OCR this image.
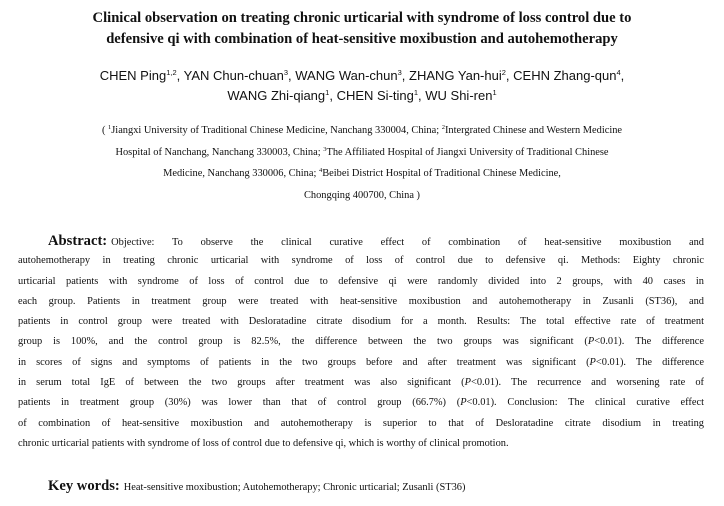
Clinical observation on treating chronic urticarial with syndrome of loss control due to
defensive qi with combination of heat-sensitive moxibustion and autohemotherapy
CHEN Ping$^{1,2}$, YAN Chun-chuan$^3$, WANG Wan-chun$^3$, ZHANG Yan-hui$^2$, CEHN Zhang-qun$^4$,
WANG Zhi-qiang$^1$, CHEN Si-ting$^1$, WU Shi-ren$^1$
( $^1$Jiangxi University of Traditional Chinese Medicine, Nanchang 330004, China; $^2$Intergrated Chinese and Western Medicine
Hospital of Nanchang, Nanchang 330003, China; $^3$The Affiliated Hospital of Jiangxi University of Traditional Chinese
Medicine, Nanchang 330006, China; $^4$Beibei District Hospital of Traditional Chinese Medicine,
Chongqing 400700, China )
Abstract: Objective: To observe the clinical curative effect of combination of heat-sensitive moxibustion and
autohemotherapy in treating chronic urticarial with syndrome of loss of control due to defensive qi. Methods: Eighty chronic
urticarial patients with syndrome of loss of control due to defensive qi were randomly divided into 2 groups, with 40 cases in
each group. Patients in treatment group were treated with heat-sensitive moxibustion and autohemotherapy in Zusanli (ST36), and
patients in control group were treated with Desloratadine citrate disodium for a month. Results: The total effective rate of treatment
group is 100%, and the control group is 82.5%, the difference between the two groups was significant (P<0.01). The difference
in scores of signs and symptoms of patients in the two groups before and after treatment was significant (P<0.01). The difference
in serum total IgE of between the two groups after treatment was also significant (P<0.01). The recurrence and worsening rate of
patients in treatment group (30%) was lower than that of control group (66.7%) (P<0.01). Conclusion: The clinical curative effect
of combination of heat-sensitive moxibustion and autohemotherapy is superior to that of Desloratadine citrate disodium in treating
chronic urticarial patients with syndrome of loss of control due to defensive qi, which is worthy of clinical promotion.
Key words: Heat-sensitive moxibustion; Autohemotherapy; Chronic urticarial; Zusanli (ST36)
